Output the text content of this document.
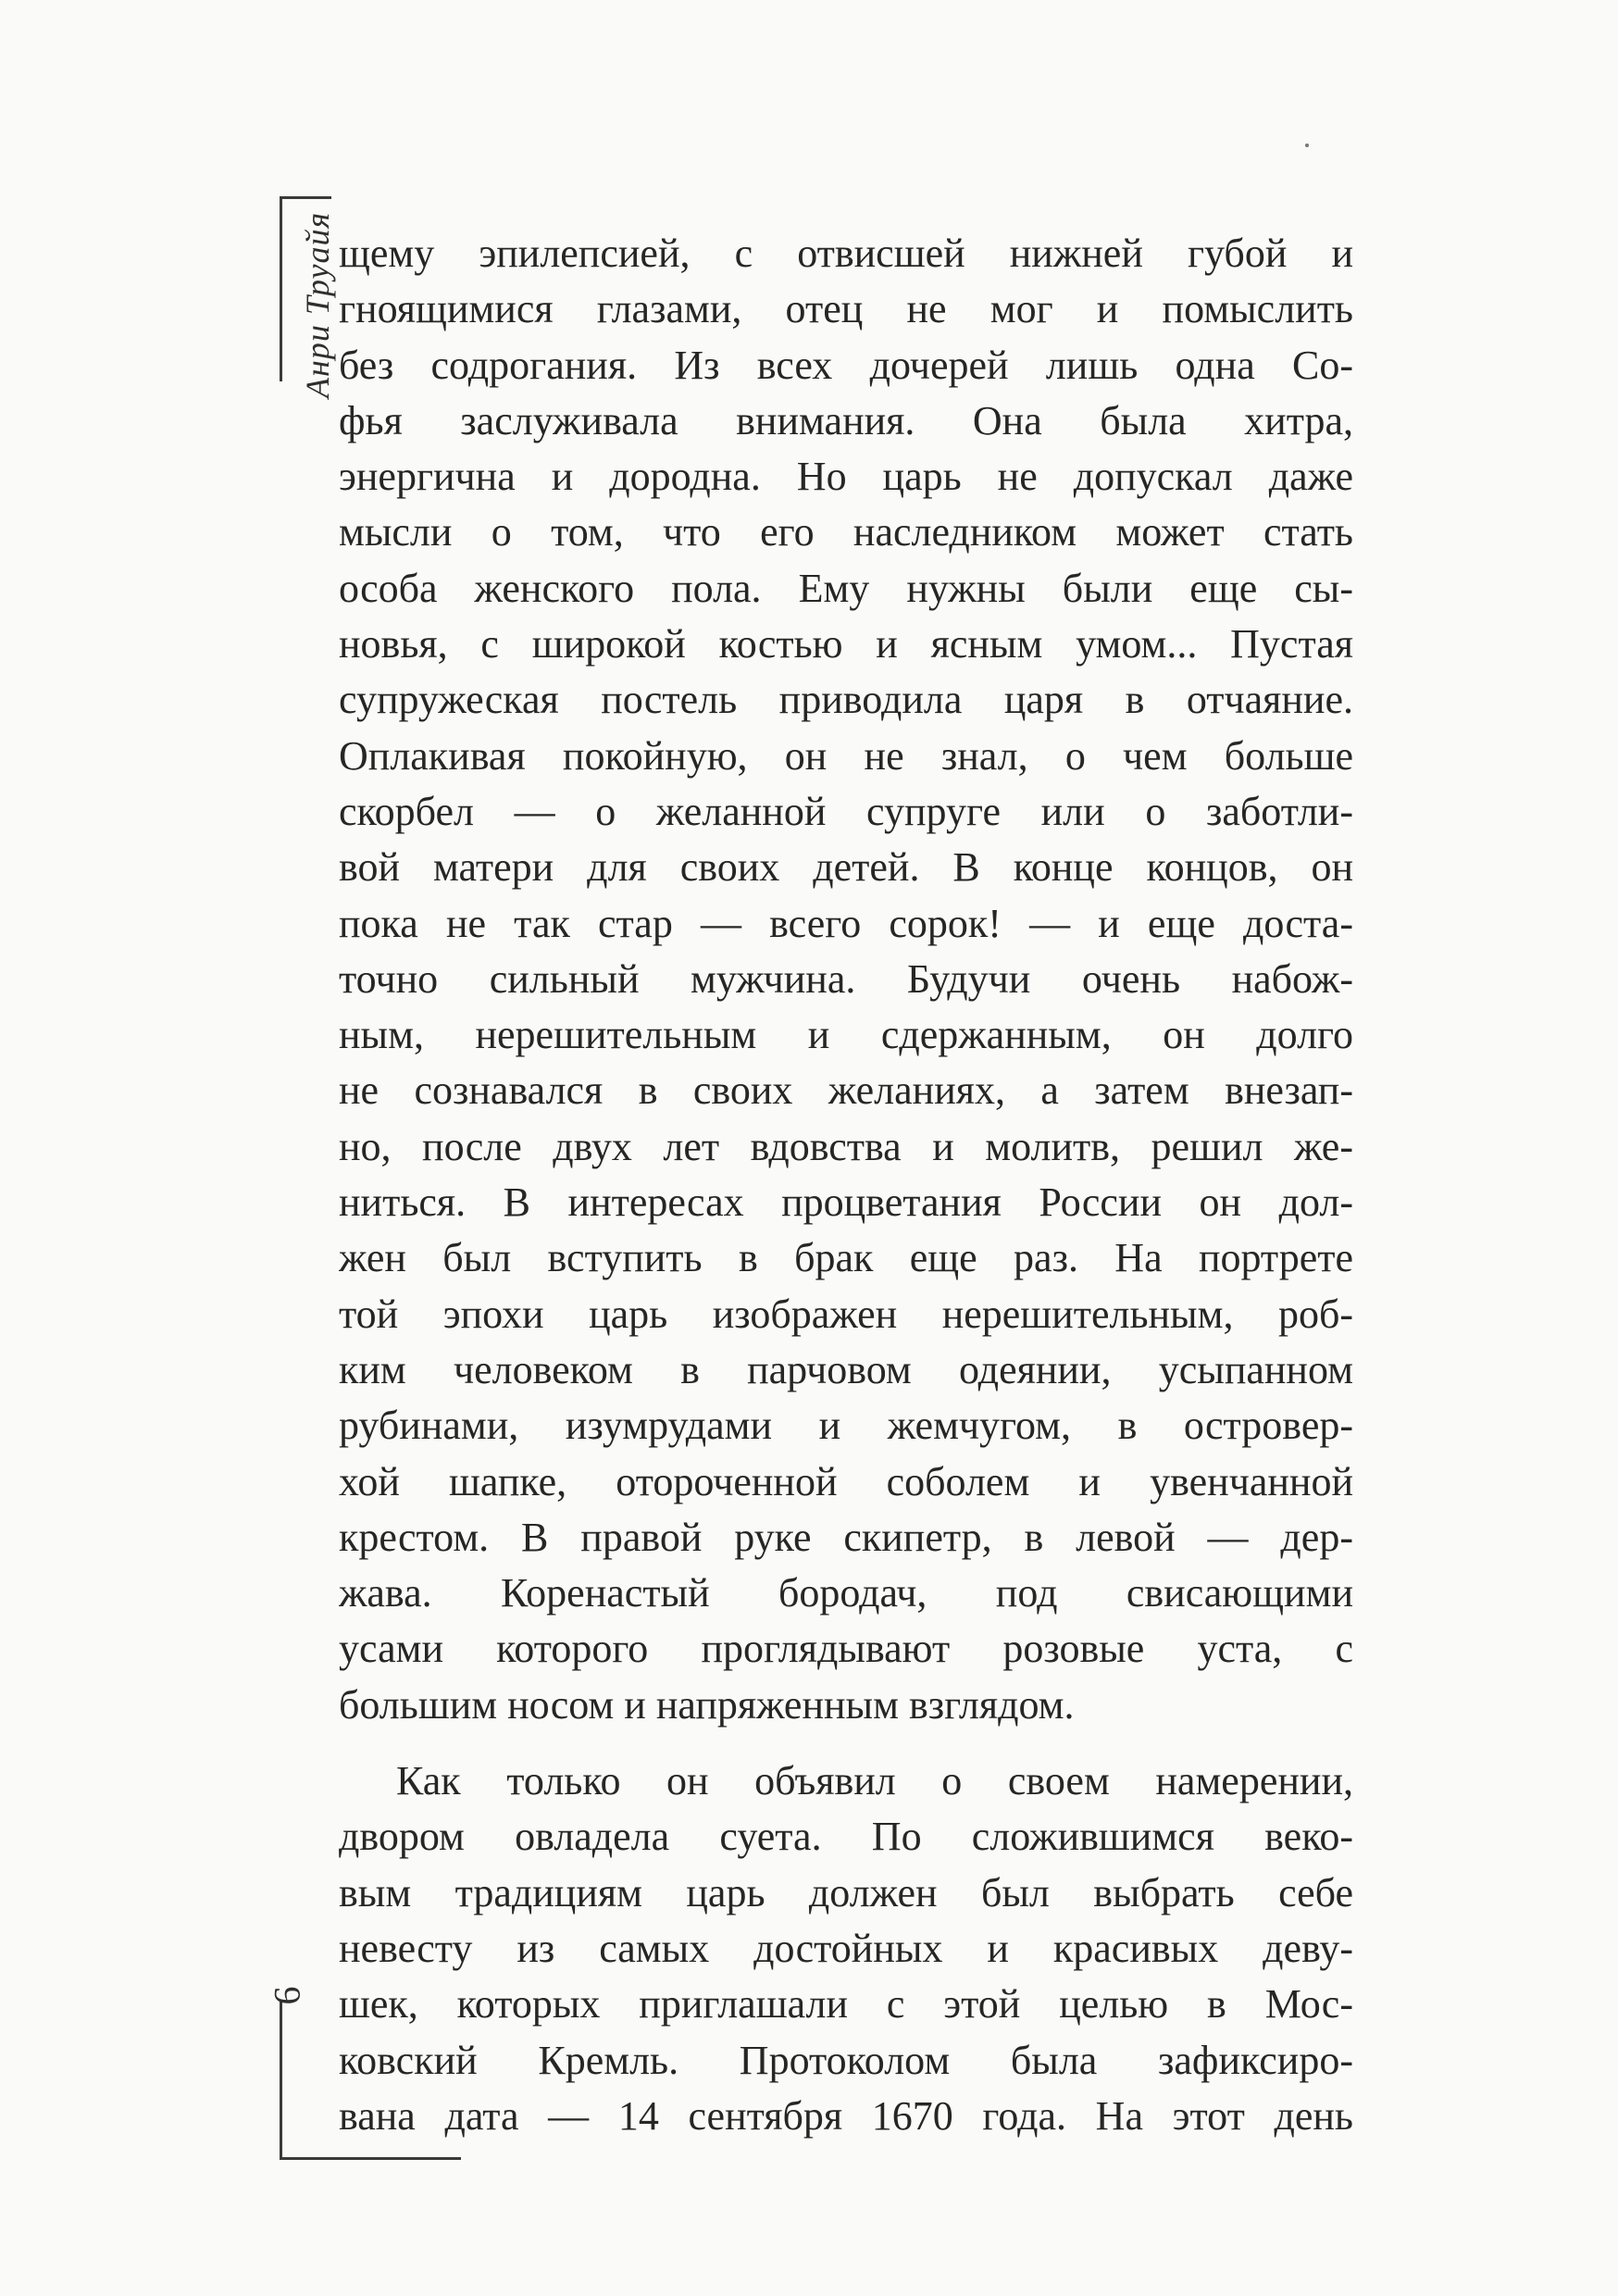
Анри Труайя
6
щему эпилепсией, с отвисшей нижней губой и
гноящимися глазами, отец не мог и помыслить
без содрогания. Из всех дочерей лишь одна Со-
фья заслуживала внимания. Она была хитра,
энергична и дородна. Но царь не допускал даже
мысли о том, что его наследником может стать
особа женского пола. Ему нужны были еще сы-
новья, с широкой костью и ясным умом... Пустая
супружеская постель приводила царя в отчаяние.
Оплакивая покойную, он не знал, о чем больше
скорбел — о желанной супруге или о заботли-
вой матери для своих детей. В конце концов, он
пока не так стар — всего сорок! — и еще доста-
точно сильный мужчина. Будучи очень набож-
ным, нерешительным и сдержанным, он долго
не сознавался в своих желаниях, а затем внезап-
но, после двух лет вдовства и молитв, решил же-
ниться. В интересах процветания России он дол-
жен был вступить в брак еще раз. На портрете
той эпохи царь изображен нерешительным, роб-
ким человеком в парчовом одеянии, усыпанном
рубинами, изумрудами и жемчугом, в островер-
хой шапке, отороченной соболем и увенчанной
крестом. В правой руке скипетр, в левой — дер-
жава. Коренастый бородач, под свисающими
усами которого проглядывают розовые уста, с
большим носом и напряженным взглядом.
Как только он объявил о своем намерении,
двором овладела суета. По сложившимся веко-
вым традициям царь должен был выбрать себе
невесту из самых достойных и красивых деву-
шек, которых приглашали с этой целью в Мос-
ковский Кремль. Протоколом была зафиксиро-
вана дата — 14 сентября 1670 года. На этот день
